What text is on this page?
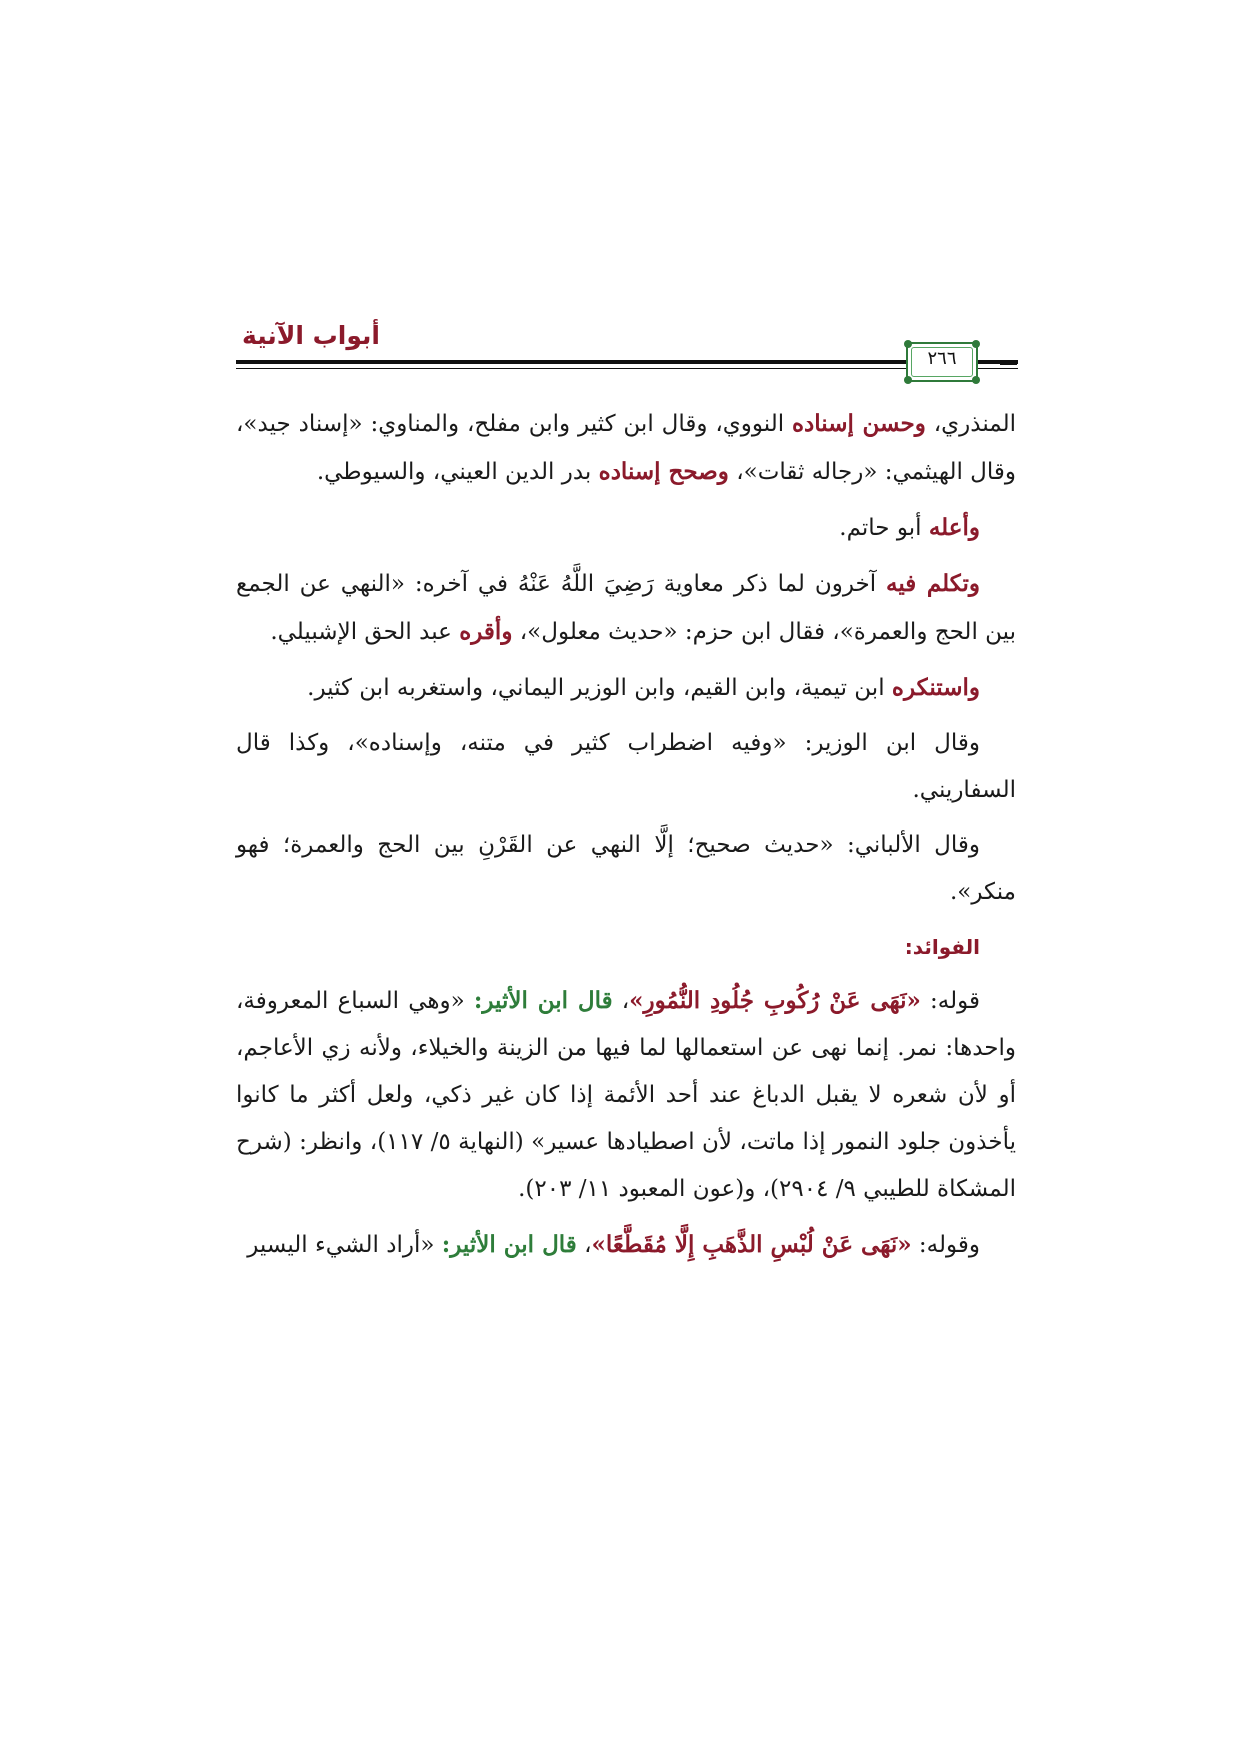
أبواب الآنية
٢٦٦

المنذري، وحسن إسناده النووي، وقال ابن كثير وابن مفلح، والمناوي: «إسناد جيد»، وقال الهيثمي: «رجاله ثقات»، وصحح إسناده بدر الدين العيني، والسيوطي.

وأعله أبو حاتم.

وتكلم فيه آخرون لما ذكر معاوية رَضِيَ اللَّهُ عَنْهُ في آخره: «النهي عن الجمع بين الحج والعمرة»، فقال ابن حزم: «حديث معلول»، وأقره عبد الحق الإشبيلي.

واستنكره ابن تيمية، وابن القيم، وابن الوزير اليماني، واستغربه ابن كثير.

وقال ابن الوزير: «وفيه اضطراب كثير في متنه، وإسناده»، وكذا قال السفاريني.

وقال الألباني: «حديث صحيح؛ إلَّا النهي عن القَرْنِ بين الحج والعمرة؛ فهو منكر».

الفوائد:

قوله: «نَهَى عَنْ رُكُوبِ جُلُودِ النُّمُورِ»، قال ابن الأثير: «وهي السباع المعروفة، واحدها: نمر. إنما نهى عن استعمالها لما فيها من الزينة والخيلاء، ولأنه زي الأعاجم، أو لأن شعره لا يقبل الدباغ عند أحد الأئمة إذا كان غير ذكي، ولعل أكثر ما كانوا يأخذون جلود النمور إذا ماتت، لأن اصطيادها عسير» (النهاية ٥/ ١١٧)، وانظر: (شرح المشكاة للطيبي ٩/ ٢٩٠٤)، و(عون المعبود ١١/ ٢٠٣).

وقوله: «نَهَى عَنْ لُبْسِ الذَّهَبِ إِلَّا مُقَطَّعًا»، قال ابن الأثير: «أراد الشيء اليسير
